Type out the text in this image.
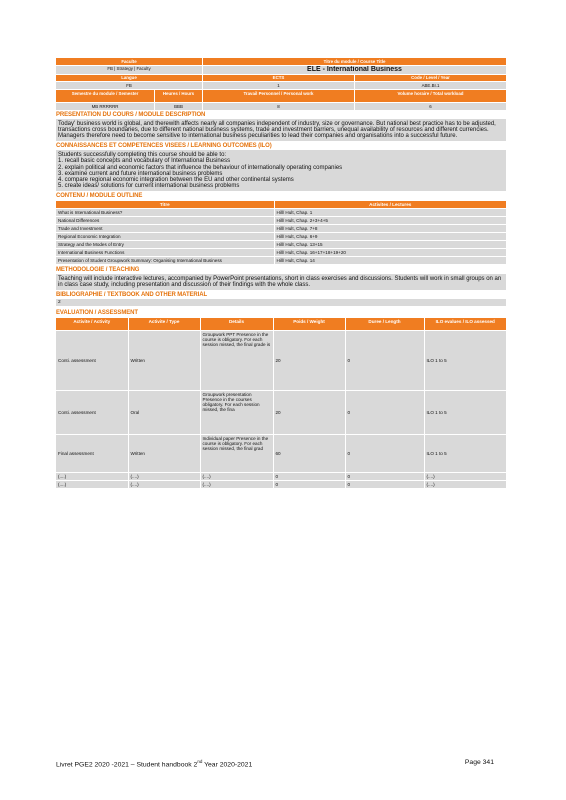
Faculte	Titre du module / Course Title
FB | Strategy | Faculty	ELE - International Business
Langue	ECTS	Code / Level / Year
FB	1	ABE.BI.1
Semestre du module / Semester	Heures / Hours	Travail Personnel / Personal work	Volume horaire / Total workload
MB RRRRRR	BBB	8	6
PRESENTATION DU COURS / MODULE DESCRIPTION

Today' business world is global, and therewith affects nearly all companies independent of industry, size or governance. But national best practice has to be adjusted, transactions cross boundaries, due to different national business systems, trade and investment barriers, unequal availability of resources and different currencies. Managers therefore need to become sensitive to international business peculiarities to lead their companies and organisations into a successful future.

CONNAISSANCES ET COMPETENCES VISEES / LEARNING OUTCOMES (ILO)
Students successfully completing this course should be able to:
1. recall basic concepts and vocabulary of International Business
2. explain political and economic factors that influence the behaviour of internationally operating companies
3. examine current and future international business problems
4. compare regional economic integration between the EU and other continental systems
5. create ideas/ solutions for current international business problems
CONTENU / MODULE OUTLINE
Titre	Activites / Lectures
What is International Business?	Hill/ Hult, Chap. 1
National Differences	Hill/ Hult, Chap. 2+3+4+5
Trade and Investment	Hill/ Hult, Chap. 7+8
Regional Economic Integration	Hill/ Hult, Chap. 6+9
Strategy and the Modes of Entry	Hill/ Hult, Chap. 13+15
International Business Functions	Hill/ Hult, Chap. 16+17+18+19+20
Presentation of Student Groupwork Summary: Organising International Business	Hill/ Hult, Chap. 14
METHODOLOGIE / TEACHING

Teaching will include interactive lectures, accompanied by PowerPoint presentations, short in class exercises and discussions. Students will work in small groups on an in class case study, including presentation and discussion of their findings with the whole class.

BIBLIOGRAPHIE / TEXTBOOK AND OTHER MATERIAL
2
EVALUATION / ASSESSMENT
Activite / Activity	Activite / Type	Details	Poids / Weight	Duree / Length	ILO evalues / ILO assessed
Conti. assessment	Written	Groupwork PPT Presence in the course is obligatory. For each session missed, the final grade is	20	0	ILO 1 to 5
Conti. assessment	Oral	Groupwork presentation Presence in the courses obligatory. For each session missed, the fina	20	0	ILO 1 to 5
Final assessment	Written	Individual paper Presence in the course is obligatory. For each session missed, the final grad	60	0	ILO 1 to 5
(....)	(....)	(....)	0	0	(....)
(....)	(....)	(....)	0	0	(....)
Livret PGE2 2020 -2021 – Student handbook 2nd Year 2020-2021	Page 341
